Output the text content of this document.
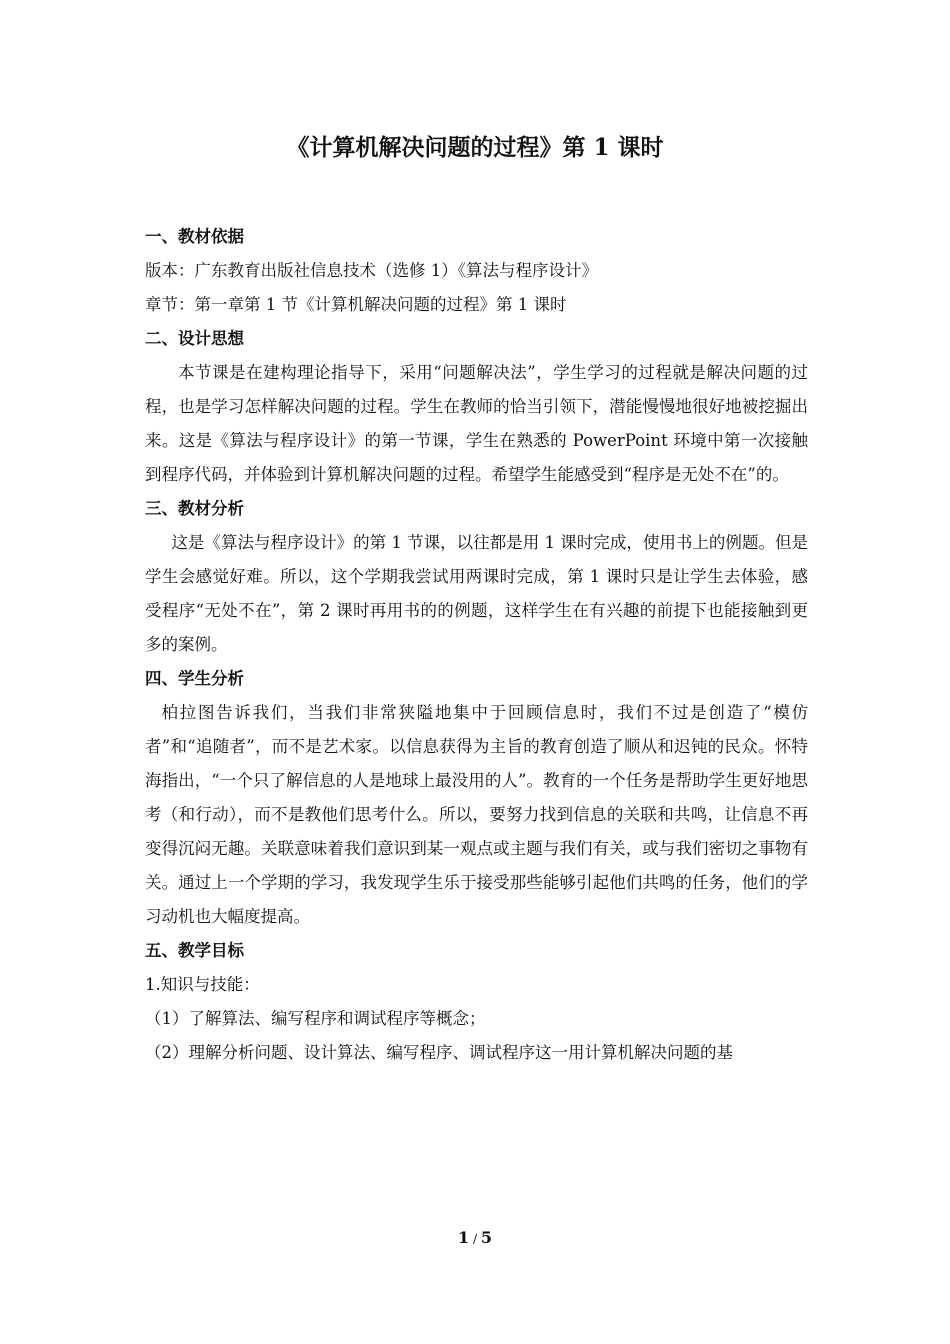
《计算机解决问题的过程》第 1 课时
一、教材依据
版本：广东教育出版社信息技术（选修 1）《算法与程序设计》
章节：第一章第 1 节《计算机解决问题的过程》第 1 课时
二、设计思想
本节课是在建构理论指导下，采用“问题解决法”，学生学习的过程就是解决问题的过程，也是学习怎样解决问题的过程。学生在教师的恰当引领下，潜能慢慢地很好地被挖掘出来。这是《算法与程序设计》的第一节课，学生在熟悉的 PowerPoint 环境中第一次接触到程序代码，并体验到计算机解决问题的过程。希望学生能感受到“程序是无处不在”的。
三、教材分析
这是《算法与程序设计》的第 1 节课，以往都是用 1 课时完成，使用书上的例题。但是学生会感觉好难。所以，这个学期我尝试用两课时完成，第 1 课时只是让学生去体验，感受程序“无处不在”，第 2 课时再用书的的例题，这样学生在有兴趣的前提下也能接触到更多的案例。
四、学生分析
柏拉图告诉我们，当我们非常狭隘地集中于回顾信息时，我们不过是创造了“模仿者”和“追随者”，而不是艺术家。以信息获得为主旨的教育创造了顺从和迟钝的民众。怀特海指出，“一个只了解信息的人是地球上最没用的人”。教育的一个任务是帮助学生更好地思考（和行动），而不是教他们思考什么。所以，要努力找到信息的关联和共鸣，让信息不再变得沉闷无趣。关联意味着我们意识到某一观点或主题与我们有关，或与我们密切之事物有关。通过上一个学期的学习，我发现学生乐于接受那些能够引起他们共鸣的任务，他们的学习动机也大幅度提高。
五、教学目标
1.知识与技能：
（1）了解算法、编写程序和调试程序等概念；
（2）理解分析问题、设计算法、编写程序、调试程序这一用计算机解决问题的基
1 / 5
